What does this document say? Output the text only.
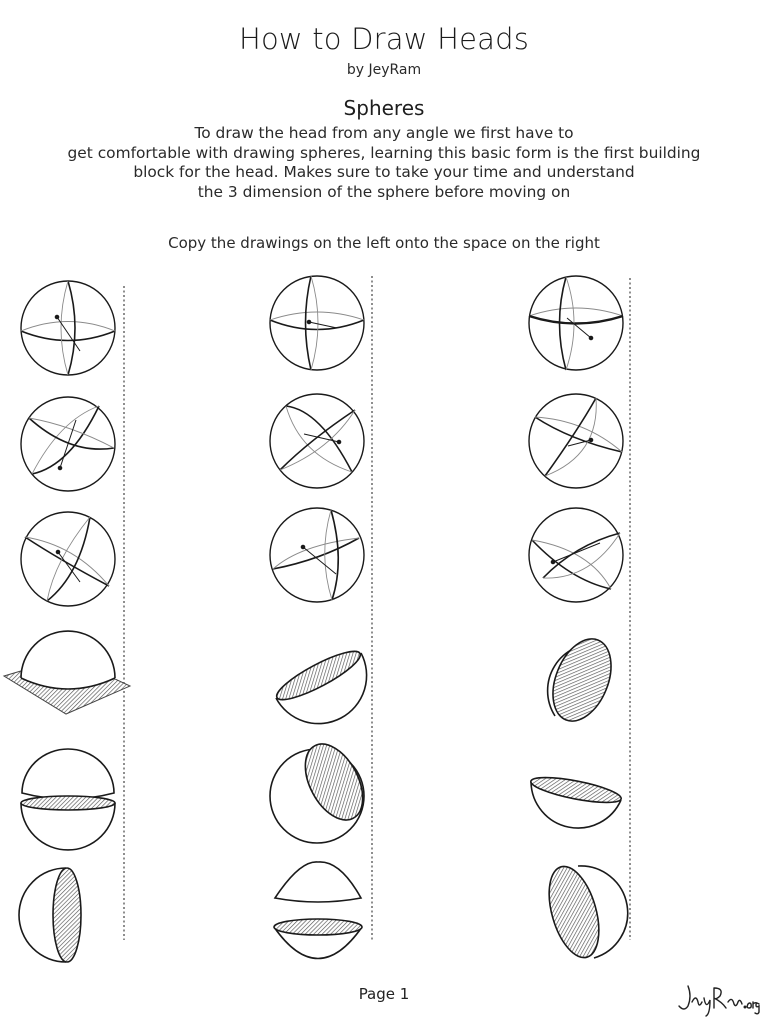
How to Draw Heads
by JeyRam
Spheres
To draw the head from any angle we first have to
get comfortable with drawing spheres, learning this basic form is the first building
block for the head. Makes sure to take your time and understand
the 3 dimension of the sphere before moving on
Copy the drawings on the left onto the space on the right
Page 1
